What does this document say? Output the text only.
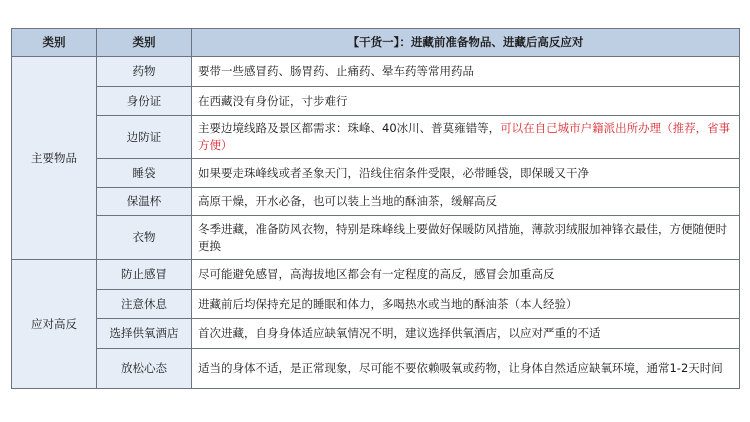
类别	类别	【干货一】：进藏前准备物品、进藏后高反应对
主要物品	药物	要带一些感冒药、肠胃药、止痛药、晕车药等常用药品
	身份证	在西藏没有身份证，寸步难行
	边防证	主要边境线路及景区都需求：珠峰、40冰川、普莫雍错等，可以在自己城市户籍派出所办理（推荐，省事方便）
	睡袋	如果要走珠峰线或者圣象天门，沿线住宿条件受限，必带睡袋，即保暖又干净
	保温杯	高原干燥，开水必备，也可以装上当地的酥油茶，缓解高反
	衣物	冬季进藏，准备防风衣物，特别是珠峰线上要做好保暖防风措施，薄款羽绒服加神锋衣最佳，方便随便时更换
应对高反	防止感冒	尽可能避免感冒，高海拔地区都会有一定程度的高反，感冒会加重高反
	注意休息	进藏前后均保持充足的睡眠和体力，多喝热水或当地的酥油茶（本人经验）
	选择供氧酒店	首次进藏，自身身体适应缺氧情况不明，建议选择供氧酒店，以应对严重的不适
	放松心态	适当的身体不适，是正常现象，尽可能不要依赖吸氧或药物，让身体自然适应缺氧环境，通常1-2天时间
